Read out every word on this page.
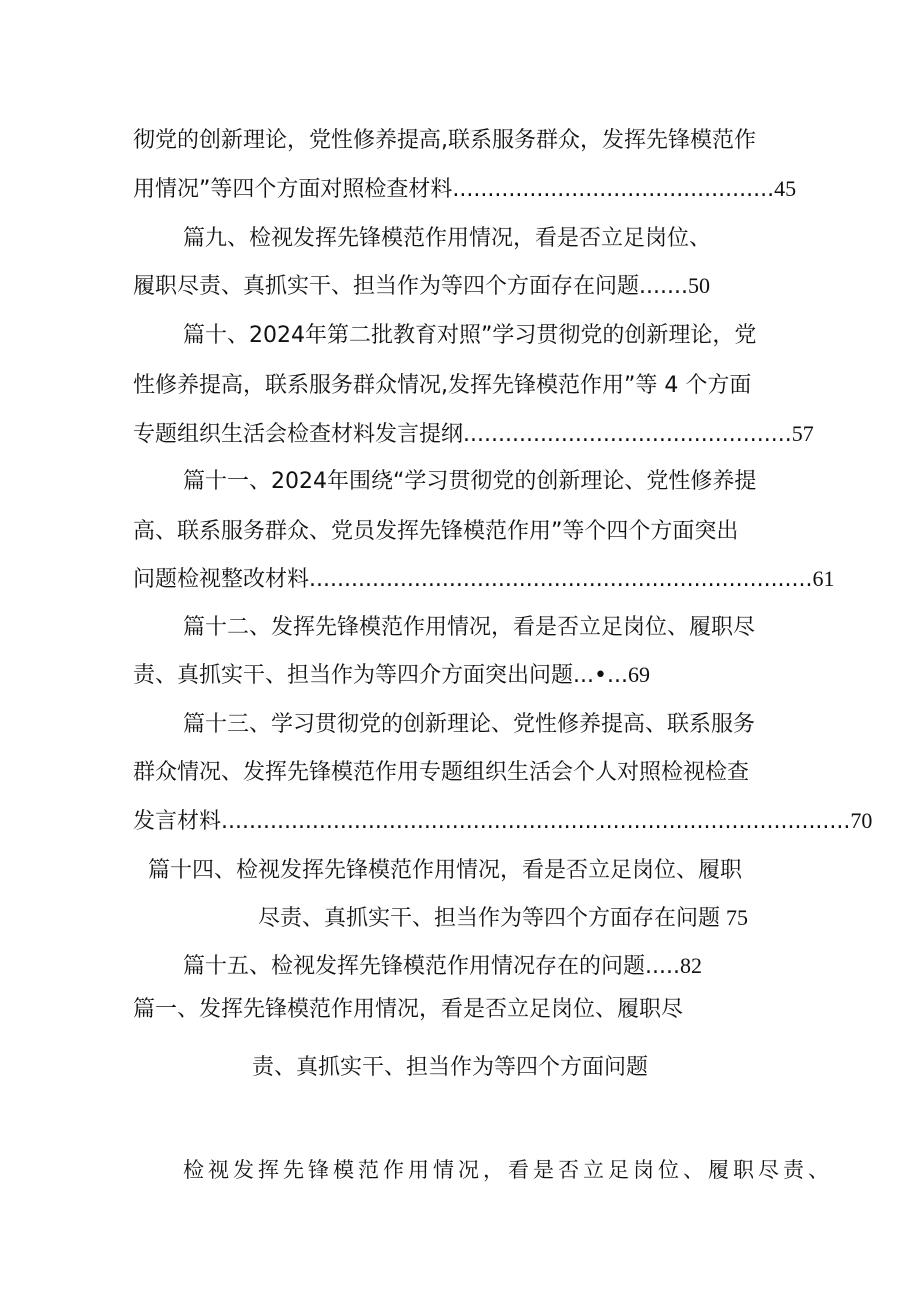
彻党的创新理论，党性修养提高,联系服务群众，发挥先锋模范作
用情况”等四个方面对照检查材料..............................................45
篇九、检视发挥先锋模范作用情况，看是否立足岗位、
履职尽责、真抓实干、担当作为等四个方面存在问题.......50
篇十、2024年第二批教育对照”学习贯彻党的创新理论，党
性修养提高，联系服务群众情况,发挥先锋模范作用”等 4 个方面
专题组织生活会检查材料发言提纲...............................................57
篇十一、2024年围绕“学习贯彻党的创新理论、党性修养提
高、联系服务群众、党员发挥先锋模范作用”等个四个方面突出
问题检视整改材料........................................................................61
篇十二、发挥先锋模范作用情况，看是否立足岗位、履职尽
责、真抓实干、担当作为等四介方面突出问题...•...69
篇十三、学习贯彻党的创新理论、党性修养提高、联系服务
群众情况、发挥先锋模范作用专题组织生活会个人对照检视检查
发言材料..........................................................................................70
篇十四、检视发挥先锋模范作用情况，看是否立足岗位、履职
尽责、真抓实干、担当作为等四个方面存在问题 75
篇十五、检视发挥先锋模范作用情况存在的问题.....82
篇一、发挥先锋模范作用情况，看是否立足岗位、履职尽
责、真抓实干、担当作为等四个方面问题
检视发挥先锋模范作用情况，看是否立足岗位、履职尽责、
